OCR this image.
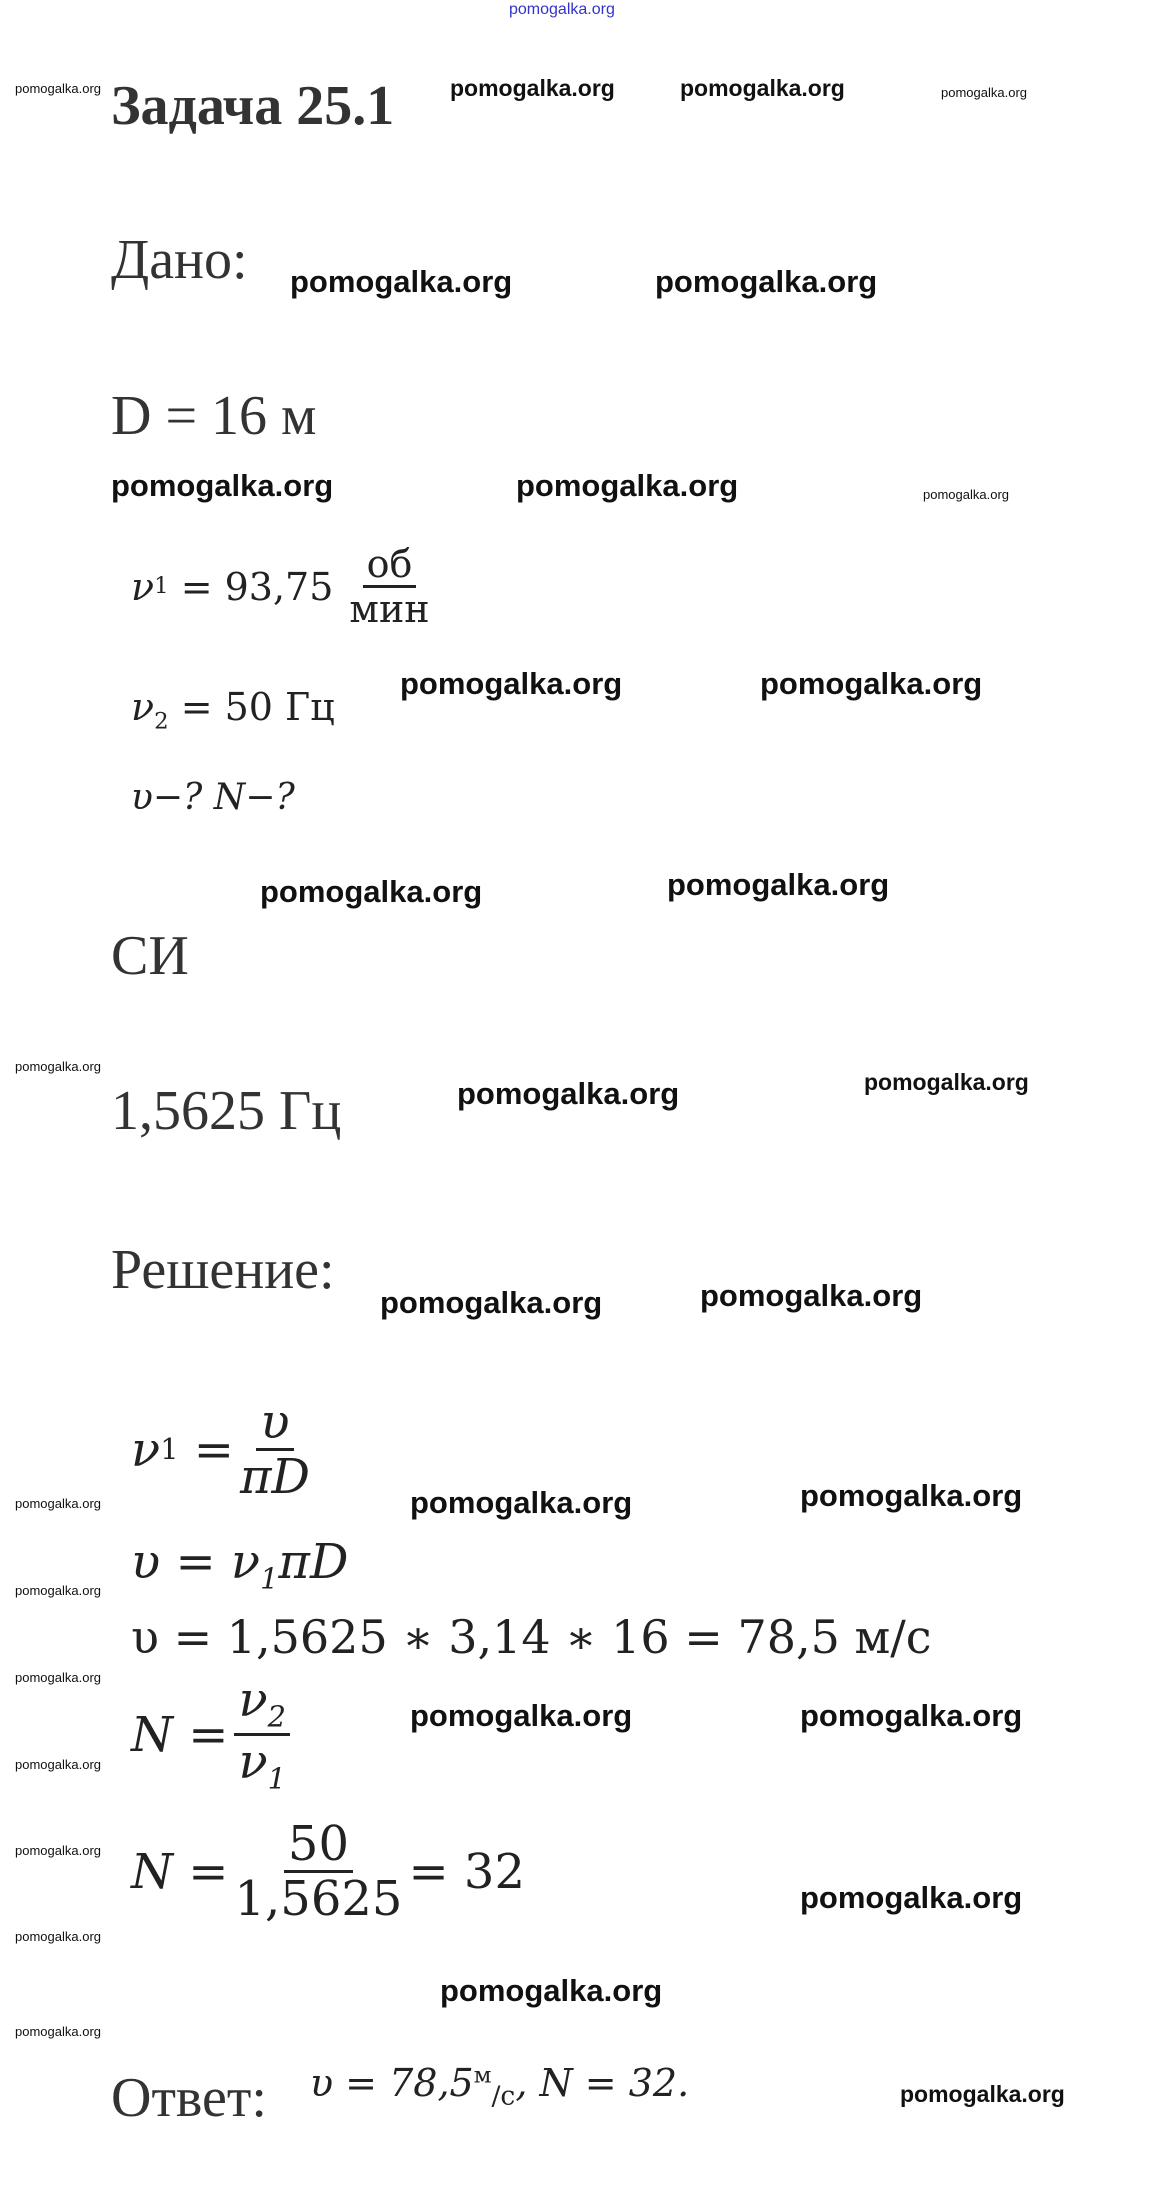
pomogalka.org
Задача 25.1
pomogalka.org	pomogalka.org	pomogalka.org	pomogalka.org
Дано: pomogalka.org	pomogalka.org
D = 16 м
pomogalka.org	pomogalka.org	pomogalka.org
ν $1 = 93,75 \frac{об}{\text{мин}}$
$\nu_2 = 50$ Гц
pomogalka.org	pomogalka.org
υ−? N−?
pomogalka.org	pomogalka.org
СИ
pomogalka.org
1,5625 Гц	pomogalka.org	pomogalka.org
Решение:
pomogalka.org	pomogalka.org
ν $1 = \frac{\upsilon}{\pi D}$
pomogalka.org	pomogalka.org	pomogalka.org
$\upsilon = \nu_1\pi D$
pomogalka.org
υ = 1,5625 ∗ 3,14 ∗ 16 = 78,5 м/с
pomogalka.org
$N = \frac{\nu_2}{\nu_1}$	pomogalka.org	pomogalka.org
pomogalka.org
pomogalka.org $N = \frac{50}{1,5625} = 32$	pomogalka.org
pomogalka.org
pomogalka.org
pomogalka.org
Ответ: $\upsilon = 78,5^м_{/с}$, N = 32.	pomogalka.org
